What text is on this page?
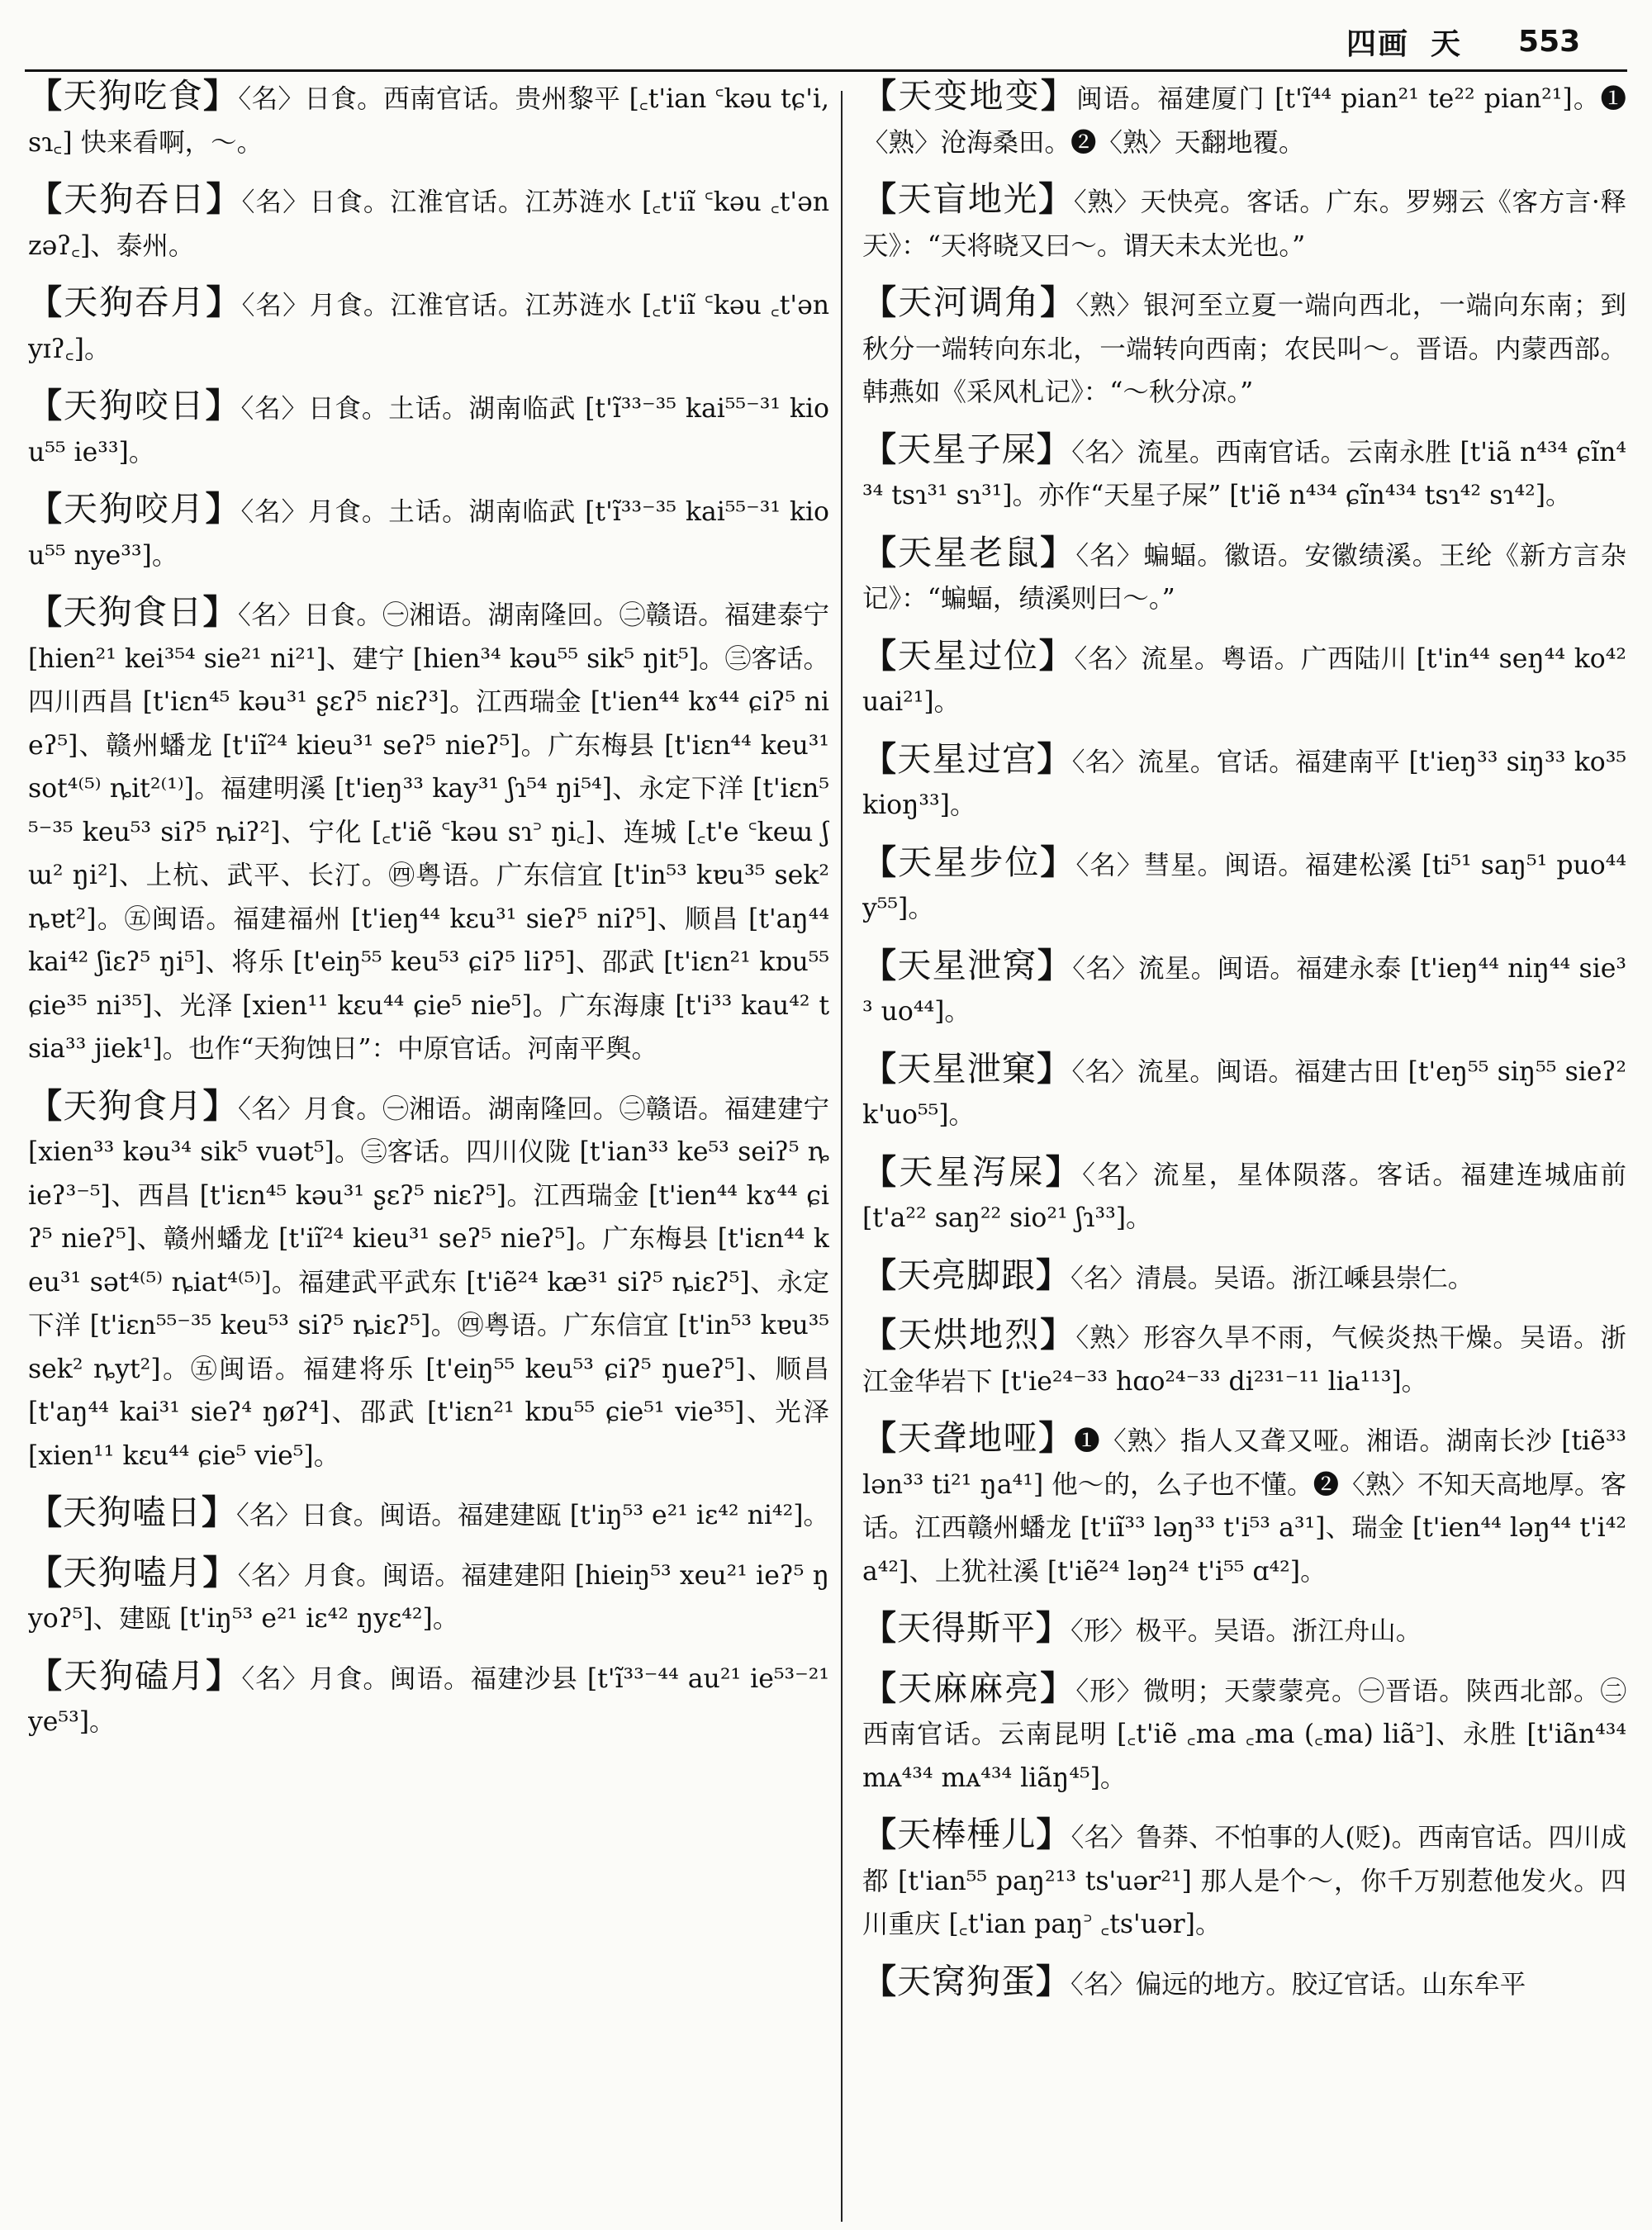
四画 天 553
【天狗吃食】〈名〉日食。西南官话。贵州黎平 [꜀t'ian ꜂kəu tɕ'i, sɿ꜀] 快来看啊，～。
【天狗吞日】〈名〉日食。江淮官话。江苏涟水 [꜀t'iĩ ꜂kəu ꜀t'ən zəʔ꜀]、泰州。
【天狗吞月】〈名〉月食。江淮官话。江苏涟水 [꜀t'iĩ ꜂kəu ꜀t'ən yɪʔ꜀]。
【天狗咬日】〈名〉日食。土话。湖南临武 [t'ĩ³³⁻³⁵ kai⁵⁵⁻³¹ kiou⁵⁵ ie³³]。
【天狗咬月】〈名〉月食。土话。湖南临武 [t'ĩ³³⁻³⁵ kai⁵⁵⁻³¹ kiou⁵⁵ nye³³]。
【天狗食日】〈名〉日食。㊀湘语。湖南隆回。㊁赣语。福建泰宁 [hien²¹ kei³⁵⁴ sie²¹ ni²¹]、建宁 [hien³⁴ kəu⁵⁵ sik⁵ ŋit⁵]。㊂客话。四川西昌 [t'iɛn⁴⁵ kəu³¹ ʂɛʔ⁵ niɛʔ³]。江西瑞金 [t'ien⁴⁴ kɤ⁴⁴ ɕiʔ⁵ nieʔ⁵]、赣州蟠龙 [t'iĩ²⁴ kieu³¹ seʔ⁵ nieʔ⁵]。广东梅县 [t'iɛn⁴⁴ keu³¹ sot⁴⁽⁵⁾ ȵit²⁽¹⁾]。福建明溪 [t'ieŋ³³ kay³¹ ʃɿ⁵⁴ ŋi⁵⁴]、永定下洋 [t'iɛn⁵⁵⁻³⁵ keu⁵³ siʔ⁵ ȵiʔ²]、宁化 [꜀t'iẽ ꜂kəu sɿ꜄ ŋi꜀]、连城 [꜀t'e ꜂keɯ ʃɯ² ŋi²]、上杭、武平、长汀。㊃粤语。广东信宜 [t'in⁵³ kɐu³⁵ sek² ȵɐt²]。㊄闽语。福建福州 [t'ieŋ⁴⁴ kɛu³¹ sieʔ⁵ niʔ⁵]、顺昌 [t'aŋ⁴⁴ kai⁴² ʃiɛʔ⁵ ŋi⁵]、将乐 [t'eiŋ⁵⁵ keu⁵³ ɕiʔ⁵ liʔ⁵]、邵武 [t'iɛn²¹ kɒu⁵⁵ ɕie³⁵ ni³⁵]、光泽 [xien¹¹ kɛu⁴⁴ ɕie⁵ nie⁵]。广东海康 [t'i³³ kau⁴² tsia³³ jiek¹]。也作“天狗蚀日”：中原官话。河南平舆。
【天狗食月】〈名〉月食。㊀湘语。湖南隆回。㊁赣语。福建建宁 [xien³³ kəu³⁴ sik⁵ vuət⁵]。㊂客话。四川仪陇 [t'ian³³ ke⁵³ seiʔ⁵ ȵieʔ³⁻⁵]、西昌 [t'iɛn⁴⁵ kəu³¹ ʂɛʔ⁵ niɛʔ⁵]。江西瑞金 [t'ien⁴⁴ kɤ⁴⁴ ɕiʔ⁵ nieʔ⁵]、赣州蟠龙 [t'iĩ²⁴ kieu³¹ seʔ⁵ nieʔ⁵]。广东梅县 [t'iɛn⁴⁴ keu³¹ sət⁴⁽⁵⁾ ȵiat⁴⁽⁵⁾]。福建武平武东 [t'iẽ²⁴ kæ³¹ siʔ⁵ ȵiɛʔ⁵]、永定下洋 [t'iɛn⁵⁵⁻³⁵ keu⁵³ siʔ⁵ ȵiɛʔ⁵]。㊃粤语。广东信宜 [t'in⁵³ kɐu³⁵ sek² ȵyt²]。㊄闽语。福建将乐 [t'eiŋ⁵⁵ keu⁵³ ɕiʔ⁵ ŋueʔ⁵]、顺昌 [t'aŋ⁴⁴ kai³¹ sieʔ⁴ ŋøʔ⁴]、邵武 [t'iɛn²¹ kɒu⁵⁵ ɕie⁵¹ vie³⁵]、光泽 [xien¹¹ kɛu⁴⁴ ɕie⁵ vie⁵]。
【天狗嗑日】〈名〉日食。闽语。福建建瓯 [t'iŋ⁵³ e²¹ iɛ⁴² ni⁴²]。
【天狗嗑月】〈名〉月食。闽语。福建建阳 [hieiŋ⁵³ xeu²¹ ieʔ⁵ ŋyoʔ⁵]、建瓯 [t'iŋ⁵³ e²¹ iɛ⁴² ŋyɛ⁴²]。
【天狗磕月】〈名〉月食。闽语。福建沙县 [t'ĩ³³⁻⁴⁴ au²¹ ie⁵³⁻²¹ ye⁵³]。
【天变地变】闽语。福建厦门 [t'ĩ⁴⁴ pian²¹ te²² pian²¹]。❶〈熟〉沧海桑田。❷〈熟〉天翻地覆。
【天盲地光】〈熟〉天快亮。客话。广东。罗翙云《客方言·释天》：“天将晓又曰～。谓天未太光也。”
【天河调角】〈熟〉银河至立夏一端向西北，一端向东南；到秋分一端转向东北，一端转向西南；农民叫～。晋语。内蒙西部。韩燕如《采风札记》：“～秋分凉。”
【天星子屎】〈名〉流星。西南官话。云南永胜 [t'iã n⁴³⁴ ɕĩn⁴³⁴ tsɿ³¹ sɿ³¹]。亦作“天星子屎” [t'iẽ n⁴³⁴ ɕĩn⁴³⁴ tsɿ⁴² sɿ⁴²]。
【天星老鼠】〈名〉蝙蝠。徽语。安徽绩溪。王纶《新方言杂记》：“蝙蝠，绩溪则曰～。”
【天星过位】〈名〉流星。粤语。广西陆川 [t'in⁴⁴ seŋ⁴⁴ ko⁴² uai²¹]。
【天星过宫】〈名〉流星。官话。福建南平 [t'ieŋ³³ siŋ³³ ko³⁵ kioŋ³³]。
【天星步位】〈名〉彗星。闽语。福建松溪 [ti⁵¹ saŋ⁵¹ puo⁴⁴ y⁵⁵]。
【天星泄窝】〈名〉流星。闽语。福建永泰 [t'ieŋ⁴⁴ niŋ⁴⁴ sie³³ uo⁴⁴]。
【天星泄窠】〈名〉流星。闽语。福建古田 [t'eŋ⁵⁵ siŋ⁵⁵ sieʔ² k'uo⁵⁵]。
【天星泻屎】〈名〉流星，星体陨落。客话。福建连城庙前 [t'a²² saŋ²² sio²¹ ʃɿ³³]。
【天亮脚跟】〈名〉清晨。吴语。浙江嵊县崇仁。
【天烘地烈】〈熟〉形容久旱不雨，气候炎热干燥。吴语。浙江金华岩下 [t'ie²⁴⁻³³ hɑo²⁴⁻³³ di²³¹⁻¹¹ lia¹¹³]。
【天聋地哑】❶〈熟〉指人又聋又哑。湘语。湖南长沙 [tiẽ³³ lən³³ ti²¹ ŋa⁴¹] 他～的，么子也不懂。❷〈熟〉不知天高地厚。客话。江西赣州蟠龙 [t'iĩ³³ ləŋ³³ t'i⁵³ a³¹]、瑞金 [t'ien⁴⁴ ləŋ⁴⁴ t'i⁴² a⁴²]、上犹社溪 [t'iẽ²⁴ ləŋ²⁴ t'i⁵⁵ ɑ⁴²]。
【天得斯平】〈形〉极平。吴语。浙江舟山。
【天麻麻亮】〈形〉微明；天蒙蒙亮。㊀晋语。陕西北部。㊁西南官话。云南昆明 [꜀t'iẽ ꜀ma ꜀ma (꜀ma) liã꜄]、永胜 [t'iãn⁴³⁴ mᴀ⁴³⁴ mᴀ⁴³⁴ liãŋ⁴⁵]。
【天棒棰儿】〈名〉鲁莽、不怕事的人(贬)。西南官话。四川成都 [t'ian⁵⁵ paŋ²¹³ ts'uər²¹] 那人是个～，你千万别惹他发火。四川重庆 [꜀t'ian paŋ꜄ ꜀ts'uər]。
【天窝狗蛋】〈名〉偏远的地方。胶辽官话。山东牟平
